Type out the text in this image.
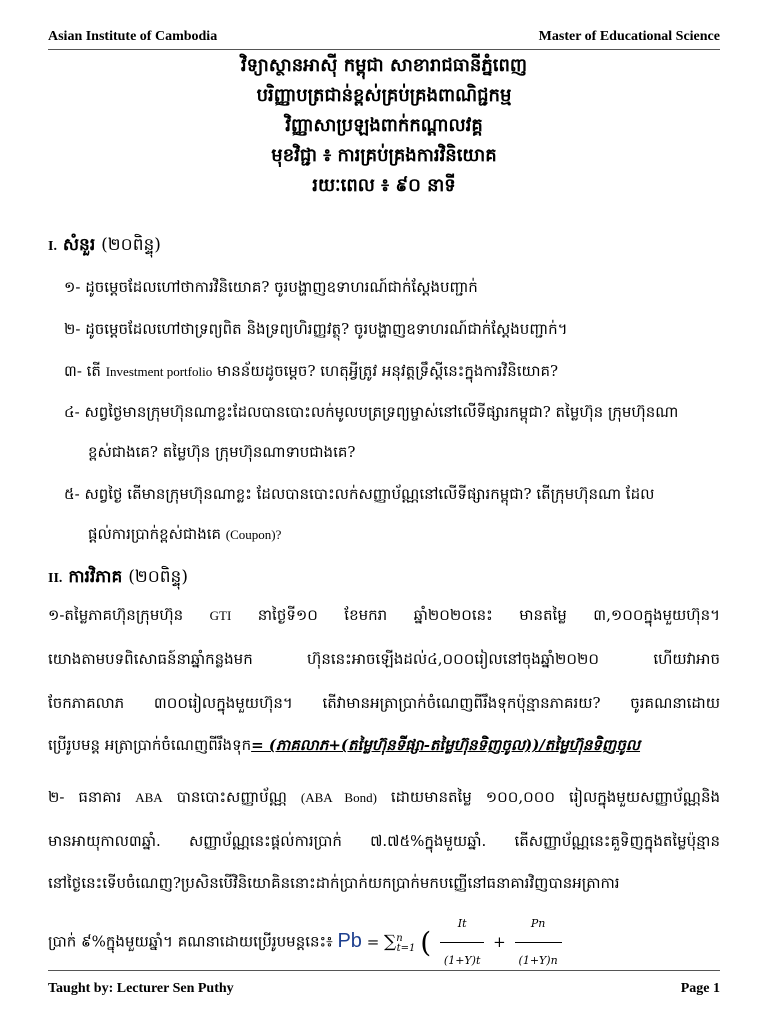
Asian Institute of Cambodia	Master of Educational Science
វិទ្យាស្ថានអាស៊ី កម្ពុជា សាខារាជធានីភ្នំពេញ
បរិញ្ញាបត្រជាន់ខ្ពស់គ្រប់គ្រងពាណិជ្ជកម្ម
វិញ្ញាសាប្រឡងពាក់កណ្តាលវគ្គ
មុខវិជ្ជា ៖ ការគ្រប់គ្រងការវិនិយោគ
រយៈពេល ៖ ៩០ នាទី
I. សំនួរ (២០ពិន្ទុ)
១- ដូចម្តេចដែលហៅថាការវិនិយោគ? ចូរបង្ហាញឧទាហរណ៍ជាក់ស្តែងបញ្ជាក់
២- ដូចម្តេចដែលហៅថាទ្រព្យពិត និងទ្រព្យហិរញ្ញវត្ថុ? ចូរបង្ហាញឧទាហរណ៍ជាក់ស្តែងបញ្ជាក់។
៣- តើ Investment portfolio មានន័យដូចម្តេច? ហេតុអ្វីត្រូវ អនុវត្តទ្រឹស្តីនេះក្នុងការវិនិយោគ?
៤- សព្វថ្ងៃមានក្រុមហ៊ុនណាខ្លះដែលបានបោះលក់មូលបត្រទ្រព្យម្ចាស់នៅលើទីផ្សារកម្ពុជា? តម្លៃហ៊ុន ក្រុមហ៊ុនណា
ខ្ពស់ជាងគេ? តម្លៃហ៊ុន ក្រុមហ៊ុនណាទាបជាងគេ?
៥- សព្វថ្ងៃ តើមានក្រុមហ៊ុនណាខ្លះ ដែលបានបោះលក់សញ្ញាប័ណ្ណនៅលើទីផ្សារកម្ពុជា? តើក្រុមហ៊ុនណា ដែល
ផ្តល់ការប្រាក់ខ្ពស់ជាងគេ (Coupon)?
II. ការវិភាគ (២០ពិន្ទុ)
១-តម្លៃភាគហ៊ុនក្រុមហ៊ុន GTI នាថ្ងៃទី១០ ខែមករា ឆ្នាំ២០២០នេះ មានតម្លៃ ៣,១០០ក្នុងមួយហ៊ុន។
យោងតាមបទពិសោធន៍នាឆ្នាំកន្លងមក ហ៊ុននេះអាចឡើងដល់៤,០០០រៀលនៅចុងឆ្នាំ២០២០ ហើយវាអាច
ចែកភាគលាភ ៣០០រៀលក្នុងមួយហ៊ុន។ តើវាមានអត្រាប្រាក់ចំណេញពីរឹងទុកប៉ុន្មានភាគរយ? ចូរគណនាដោយ
ប្រើរូបមន្ត អត្រាប្រាក់ចំណេញពីរឹងទុក= (ភាគលាភ+(តម្លៃហ៊ុនទីផ្សា-តម្លៃហ៊ុនទិញចូល))/តម្លៃហ៊ុនទិញចូល
២- ធនាគារ ABA បានបោះសញ្ញាប័ណ្ណ (ABA Bond) ដោយមានតម្លៃ ១០០,០០០ រៀលក្នុងមួយសញ្ញាប័ណ្ណនិង
មានអាយុកាល៣ឆ្នាំ. សញ្ញាប័ណ្ណនេះផ្តល់ការប្រាក់ ៧.៧៥%ក្នុងមួយឆ្នាំ. តើសញ្ញាប័ណ្ណនេះគួទិញក្នុងតម្លៃប៉ុន្មាន
នៅថ្ងៃនេះទើបចំណេញ?ប្រសិនបើវិនិយោគិននោះដាក់ប្រាក់យកប្រាក់មកបញ្ញើនៅធនាគារវិញបានអត្រាការ
ប្រាក់ ៩%ក្នុងមួយឆ្នាំ។ គណនាដោយប្រើរូបមន្តនេះ៖ Pb = ∑$^n_{t=1}$ ( $\frac{It}{(1+Y)t} + \frac{Pn}{(1+Y)n}$
Taught by: Lecturer Sen Puthy	Page 1
